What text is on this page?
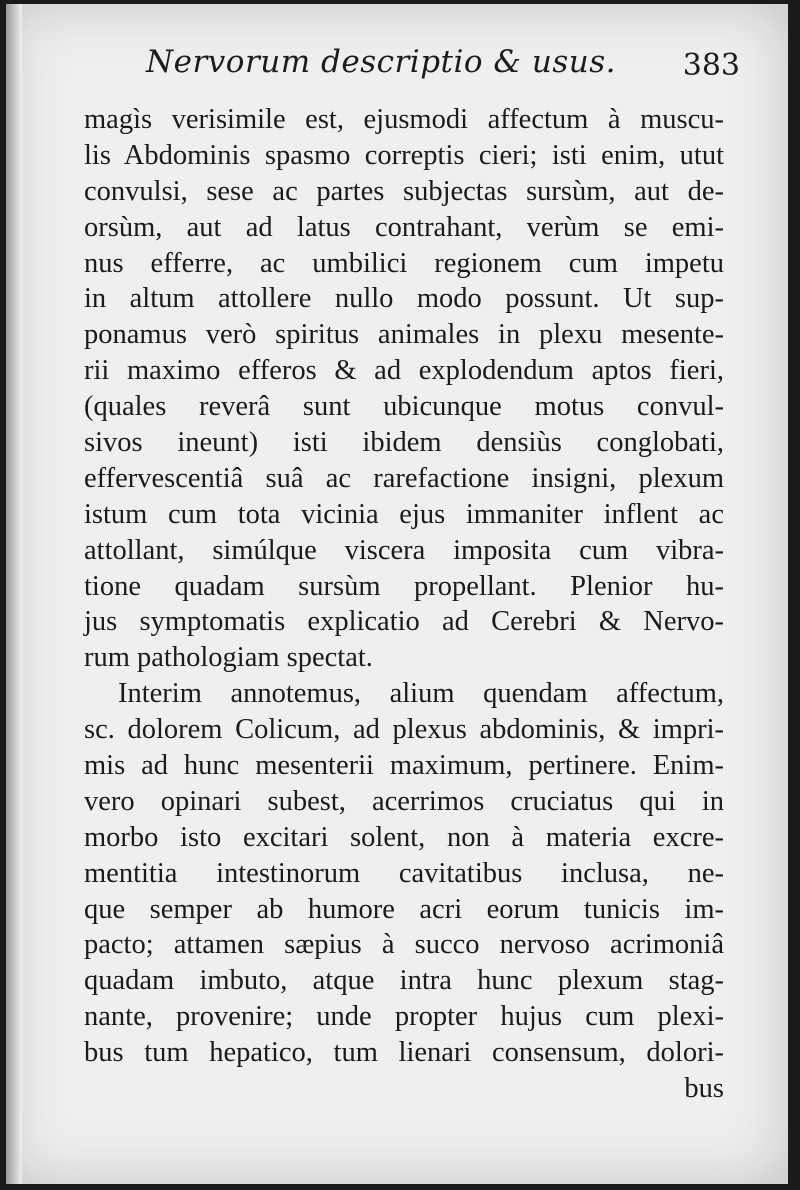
Nervorum descriptio & usus. 383
magìs verisimile est, ejusmodi affectum à muscu-
lis Abdominis spasmo correptis cieri; isti enim, utut
convulsi, sese ac partes subjectas sursùm, aut de-
orsùm, aut ad latus contrahant, verùm se emi-
nus efferre, ac umbilici regionem cum impetu
in altum attollere nullo modo possunt. Ut sup-
ponamus verò spiritus animales in plexu mesente-
rii maximo efferos & ad explodendum aptos fieri,
(quales reverâ sunt ubicunque motus convul-
sivos ineunt) isti ibidem densiùs conglobati,
effervescentiâ suâ ac rarefactione insigni, plexum
istum cum tota vicinia ejus immaniter inflent ac
attollant, simúlque viscera imposita cum vibra-
tione quadam sursùm propellant. Plenior hu-
jus symptomatis explicatio ad Cerebri & Nervo-
rum pathologiam spectat.
Interim annotemus, alium quendam affectum,
sc. dolorem Colicum, ad plexus abdominis, & impri-
mis ad hunc mesenterii maximum, pertinere. Enim-
vero opinari subest, acerrimos cruciatus qui in
morbo isto excitari solent, non à materia excre-
mentitia intestinorum cavitatibus inclusa, ne-
que semper ab humore acri eorum tunicis im-
pacto; attamen sæpius à succo nervoso acrimoniâ
quadam imbuto, atque intra hunc plexum stag-
nante, provenire; unde propter hujus cum plexi-
bus tum hepatico, tum lienari consensum, dolori-
bus
